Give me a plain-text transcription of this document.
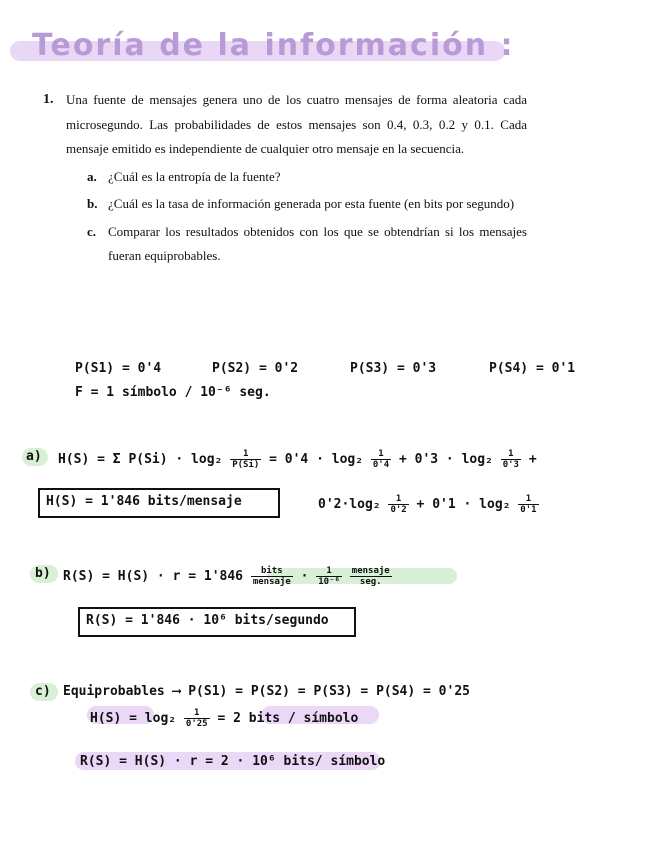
Teoría de la información :
1. Una fuente de mensajes genera uno de los cuatro mensajes de forma aleatoria cada microsegundo. Las probabilidades de estos mensajes son 0.4, 0.3, 0.2 y 0.1. Cada mensaje emitido es independiente de cualquier otro mensaje en la secuencia.
a. ¿Cuál es la entropía de la fuente?
b. ¿Cuál es la tasa de información generada por esta fuente (en bits por segundo)
c. Comparar los resultados obtenidos con los que se obtendrían si los mensajes fueran equiprobables.

P(S1) = 0'4	P(S2) = 0'2	P(S3) = 0'3	P(S4) = 0'1

F = 1 símbolo / 10⁻⁶ seg.

a) H(S) = Σ $P(Si) \cdot \log_2 \frac{1}{P(Si)} = 0'4 \cdot \log_2 \frac{1}{0'4} + 0'3 \cdot \log_2 \frac{1}{0'3}$ +

H(S) = 1'846 bits/mensaje	$0'2\cdot\log_2 \frac{1}{0'2} + 0'1 \cdot \log_2 \frac{1}{0'1}$

b) $R(S) = H(S) \cdot r = 1'846 \frac{\text{bits}}{\text{mensaje}} \cdot \frac{1}{\text{10⁻⁶}}$
$\frac{\text{mensaje}}{\text{seg.}}$

R(S) = 1'846 · 10⁶ bits/segundo

c) Equiprobables ⟶ P(S1) = P(S2) = P(S3) = P(S4) = 0'25

$H(S) = \log_2 \frac{1}{0'25} = 2$ bits / símbolo

R(S) = H(S) · r = 2 · 10⁶ bits/ símbolo
